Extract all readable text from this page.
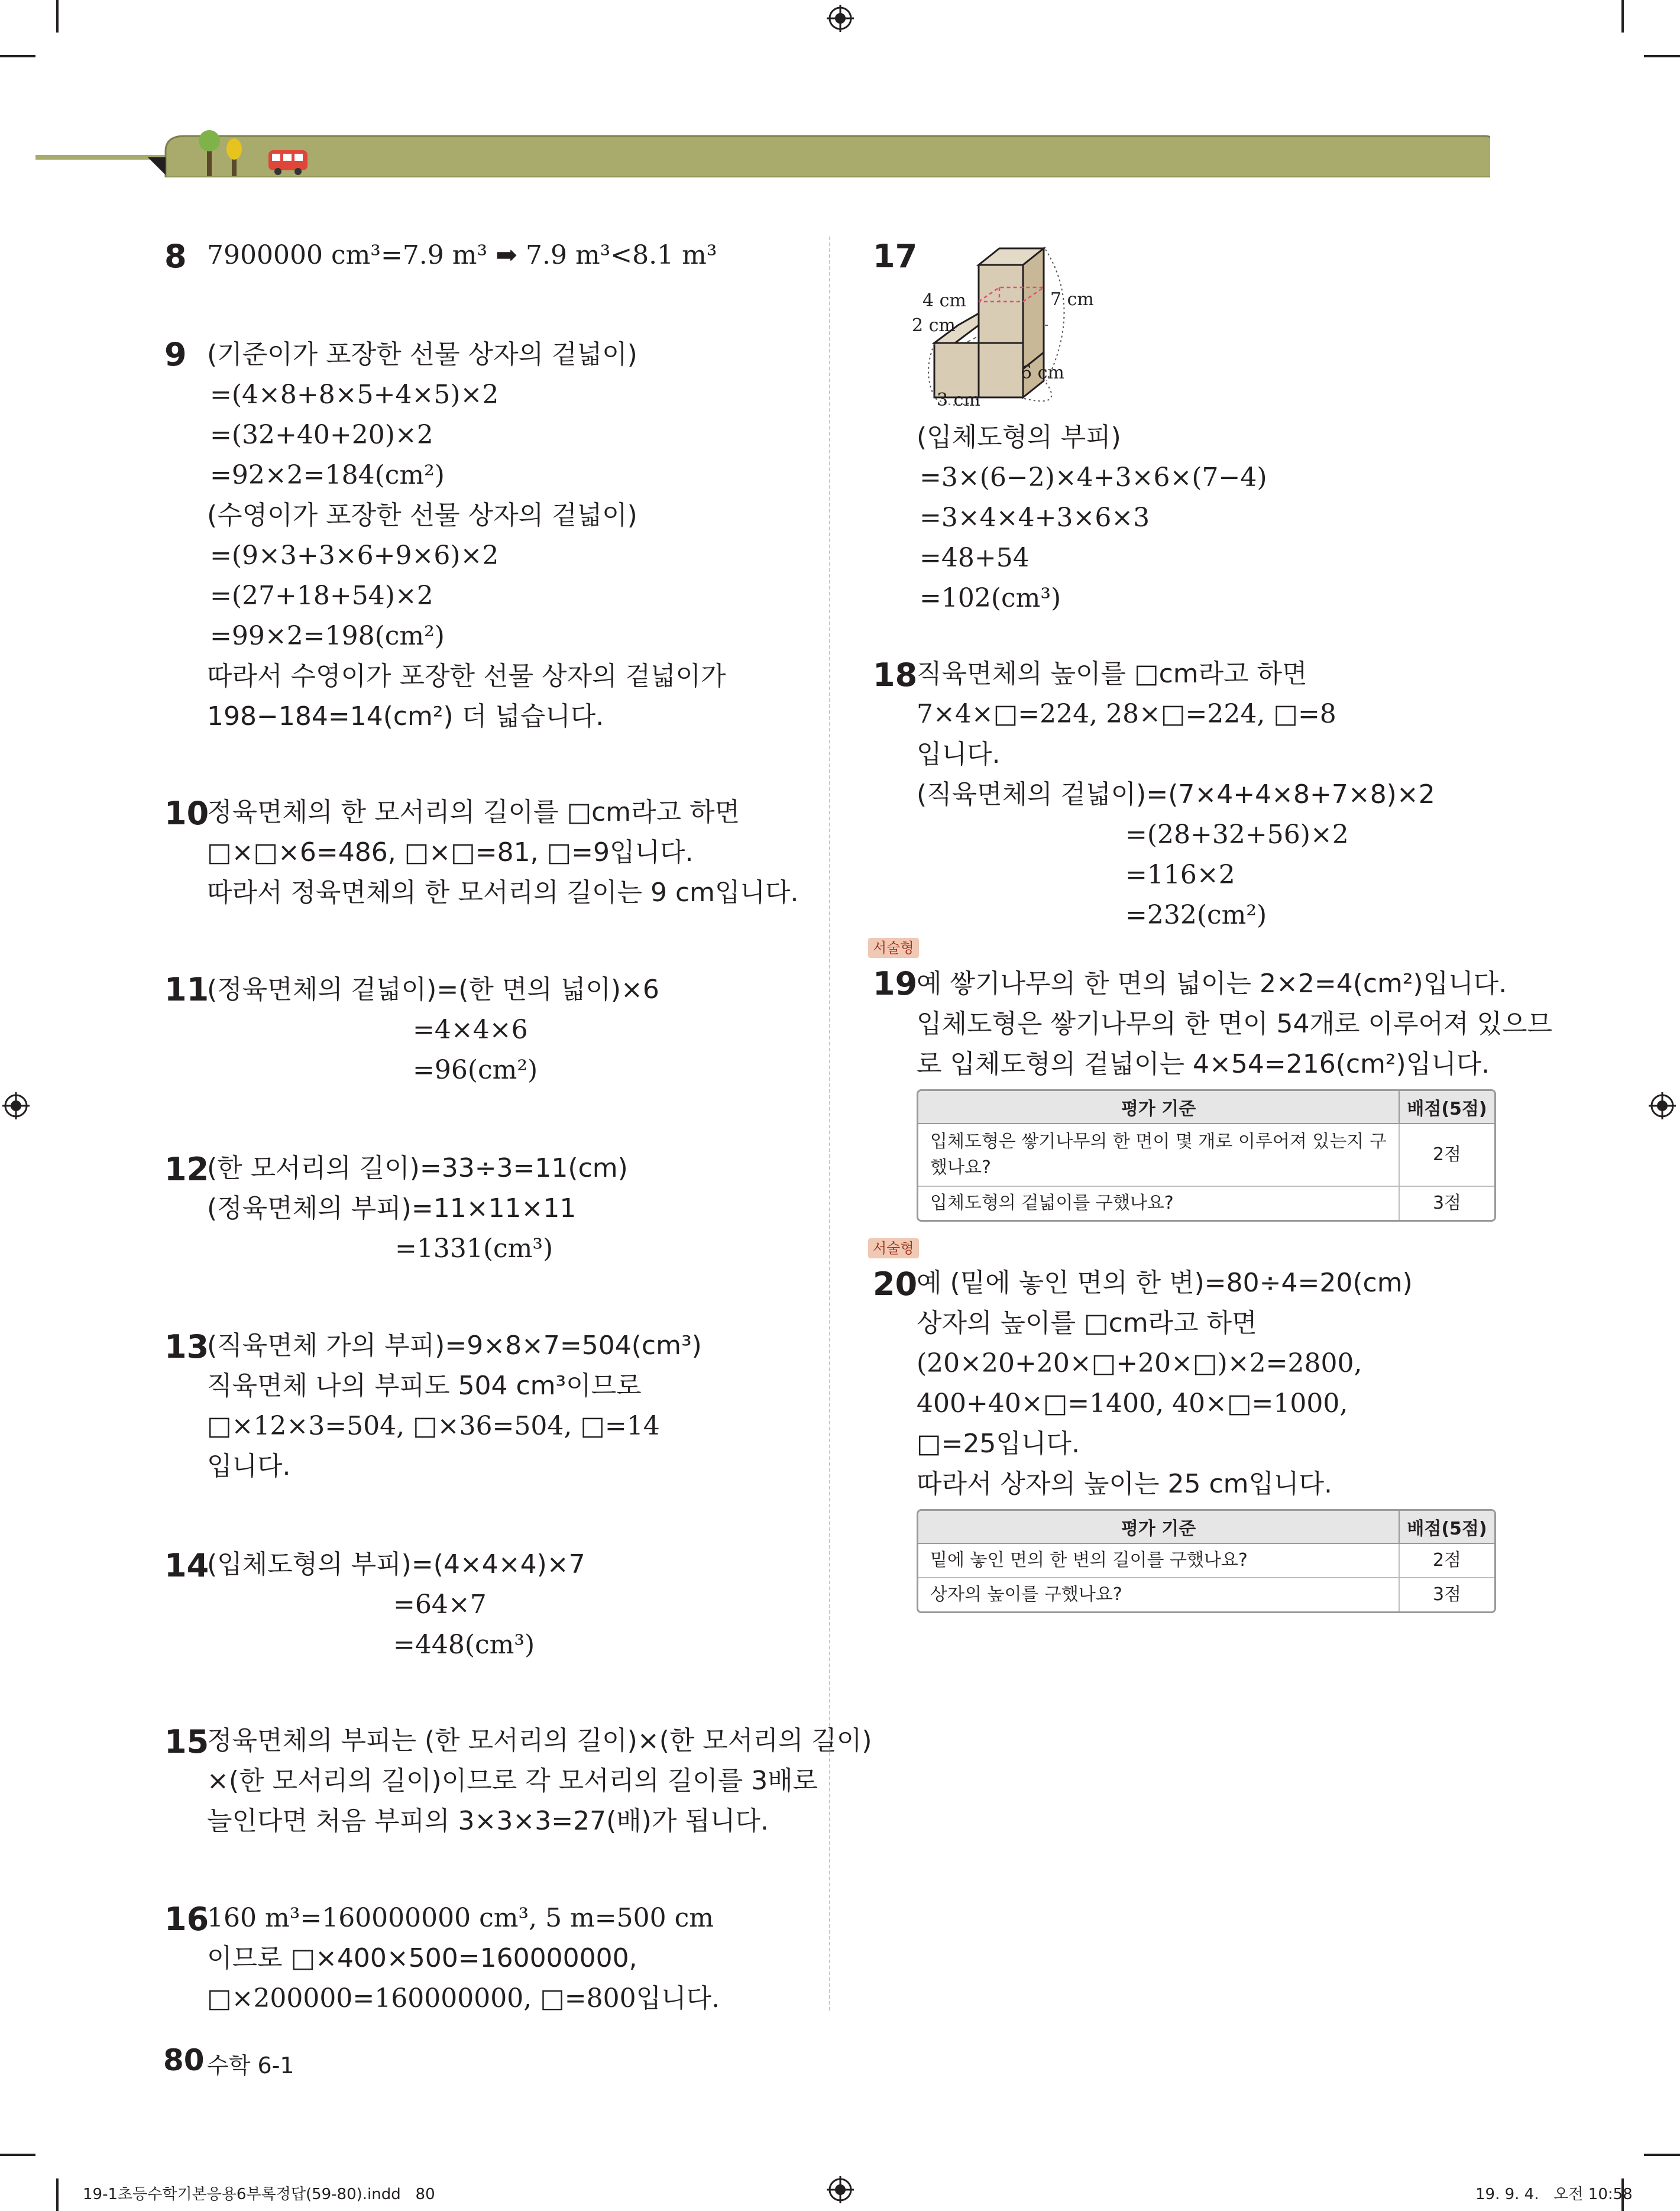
8 7900000 cm³=7.9 m³ ➡ 7.9 m³<8.1 m³
9 (기준이가 포장한 선물 상자의 겉넓이)
=(4×8+8×5+4×5)×2
=(32+40+20)×2
=92×2=184(cm²)
(수영이가 포장한 선물 상자의 겉넓이)
=(9×3+3×6+9×6)×2
=(27+18+54)×2
=99×2=198(cm²)
따라서 수영이가 포장한 선물 상자의 겉넓이가
198−184=14(cm²) 더 넓습니다.
10
정육면체의 한 모서리의 길이를 □cm라고 하면
□×□×6=486, □×□=81, □=9입니다.
따라서 정육면체의 한 모서리의 길이는 9 cm입니다.
11
(정육면체의 겉넓이)=(한 면의 넓이)×6
=4×4×6
=96(cm²)
12
(한 모서리의 길이)=33÷3=11(cm)
(정육면체의 부피)=11×11×11
=1331(cm³)
13
(직육면체 가의 부피)=9×8×7=504(cm³)
직육면체 나의 부피도 504 cm³이므로
□×12×3=504, □×36=504, □=14
입니다.
14
(입체도형의 부피)=(4×4×4)×7
=64×7
=448(cm³)
15
정육면체의 부피는 (한 모서리의 길이)×(한 모서리의 길이)
×(한 모서리의 길이)이므로 각 모서리의 길이를 3배로
늘인다면 처음 부피의 3×3×3=27(배)가 됩니다.
16
160 m³=160000000 cm³, 5 m=500 cm
이므로 □×400×500=160000000,
□×200000=160000000, □=800입니다.
17
4 cm
2 cm
3 cm
7 cm
6 cm
(입체도형의 부피)
=3×(6−2)×4+3×6×(7−4)
=3×4×4+3×6×3
=48+54
=102(cm³)
18
직육면체의 높이를 □cm라고 하면
7×4×□=224, 28×□=224, □=8
입니다.
(직육면체의 겉넓이)=(7×4+4×8+7×8)×2
=(28+32+56)×2
=116×2
=232(cm²)
서술형
19
예 쌓기나무의 한 면의 넓이는 2×2=4(cm²)입니다.
입체도형은 쌓기나무의 한 면이 54개로 이루어져 있으므
로 입체도형의 겉넓이는 4×54=216(cm²)입니다.
평가 기준	배점(5점)
입체도형은 쌓기나무의 한 면이 몇 개로 이루어져 있는지 구했나요?	2점
입체도형의 겉넓이를 구했나요?	3점
서술형
20
예 (밑에 놓인 면의 한 변)=80÷4=20(cm)
상자의 높이를 □cm라고 하면
(20×20+20×□+20×□)×2=2800,
400+40×□=1400, 40×□=1000,
□=25입니다.
따라서 상자의 높이는 25 cm입니다.
평가 기준	배점(5점)
밑에 놓인 면의 한 변의 길이를 구했나요?	2점
상자의 높이를 구했나요?	3점
80 수학 6-1
19-1초등수학기본응용6부록정답(59-80).indd   80	19. 9. 4.   오전 10:58
